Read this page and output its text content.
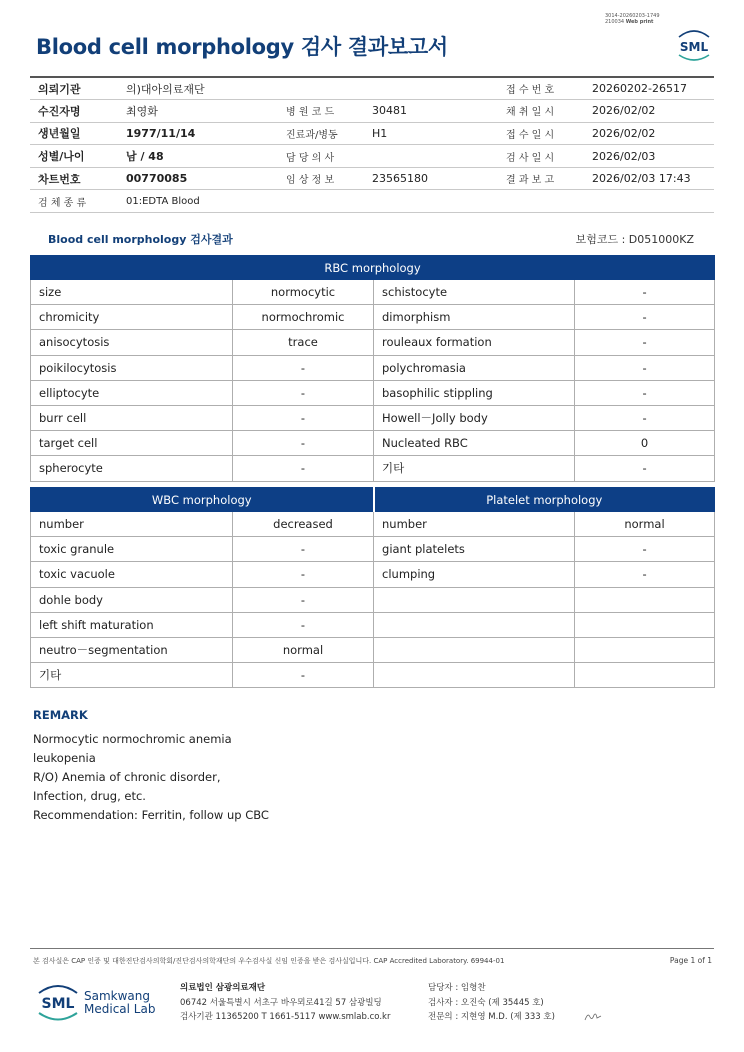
3014-20260203-1749
210034 Web print
Blood cell morphology 검사 결과보고서	SML
의뢰기관	의)대아의료재단			접 수 번 호	20260202-26517
수진자명	최영화	병 원 코 드	30481	채 취 일 시	2026/02/02
생년월일	1977/11/14	진료과/병동	H1	접 수 일 시	2026/02/02
성별/나이	남 / 48	담 당 의 사		검 사 일 시	2026/02/03
차트번호	00770085	임 상 정 보	23565180	결 과 보 고	2026/02/03 17:43
검 체 종 류	01:EDTA Blood				
Blood cell morphology 검사결과	보험코드 : D051000KZ
RBC morphology			
size	normocytic	schistocyte	-
chromicity	normochromic	dimorphism	-
anisocytosis	trace	rouleaux formation	-
poikilocytosis	-	polychromasia	-
elliptocyte	-	basophilic stippling	-
burr cell	-	Howell－Jolly body	-
target cell	-	Nucleated RBC	0
spherocyte	-	기타	-
WBC morphology		Platelet morphology	
number	decreased	number	normal
toxic granule	-	giant platelets	-
toxic vacuole	-	clumping	-
dohle body	-		
left shift maturation	-		
neutro－segmentation	normal		
기타	-		
REMARK
Normocytic normochromic anemia
leukopenia
R/O) Anemia of chronic disorder,
Infection, drug, etc.
Recommendation: Ferritin, follow up CBC
본 검사실은 CAP 인증 및 대한진단검사의학회/진단검사의학재단의 우수검사실 신임 인증을 받은 검사실입니다. CAP Accredited Laboratory. 69944-01	Page 1 of 1
SML Samkwang
Medical Lab
의료법인 삼광의료재단
06742 서울특별시 서초구 바우뫼로41길 57 삼광빌딩
검사기관 11365200 T 1661-5117 www.smlab.co.kr
담당자 : 임형찬
검사자 : 오진숙 (제 35445 호)
전문의 : 지현영 M.D. (제 333 호)
